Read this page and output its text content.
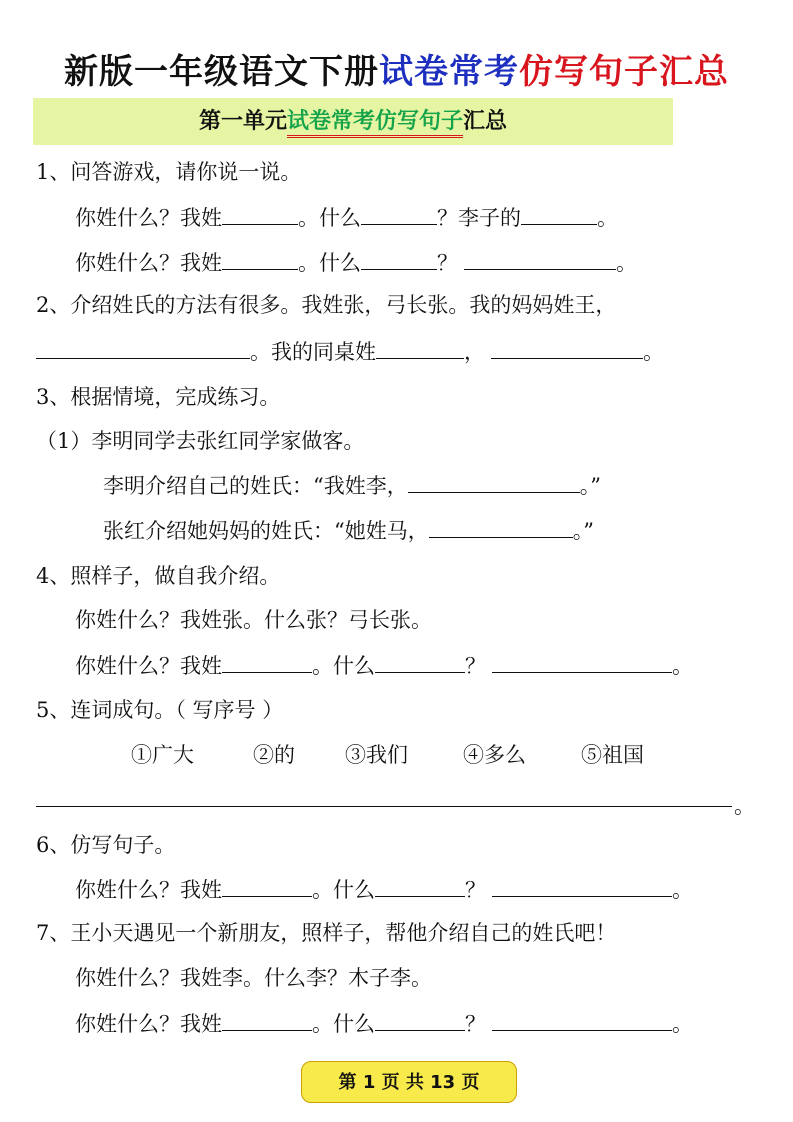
新版一年级语文下册试卷常考仿写句子汇总
第一单元试卷常考仿写句子汇总
1、问答游戏，请你说一说。
你姓什么？我姓	。什么	？李子的	。
你姓什么？我姓	。什么	？	。
2、介绍姓氏的方法有很多。我姓张，弓长张。我的妈妈姓王，
。我的同桌姓	，	。
3、根据情境，完成练习。
（1）李明同学去张红同学家做客。
李明介绍自己的姓氏：“我姓李，	。”
张红介绍她妈妈的姓氏：“她姓马，	。”
4、照样子，做自我介绍。
你姓什么？我姓张。什么张？弓长张。
你姓什么？我姓	。什么	？	。
5、连词成句。（ 写序号 ）
①广大	②的 ③我们	④多么	⑤祖国
。
6、仿写句子。
你姓什么？我姓	。什么	？	。
7、王小天遇见一个新朋友，照样子，帮他介绍自己的姓氏吧！
你姓什么？我姓李。什么李？木子李。
你姓什么？我姓	。什么	？	。
第 1 页 共 13 页
